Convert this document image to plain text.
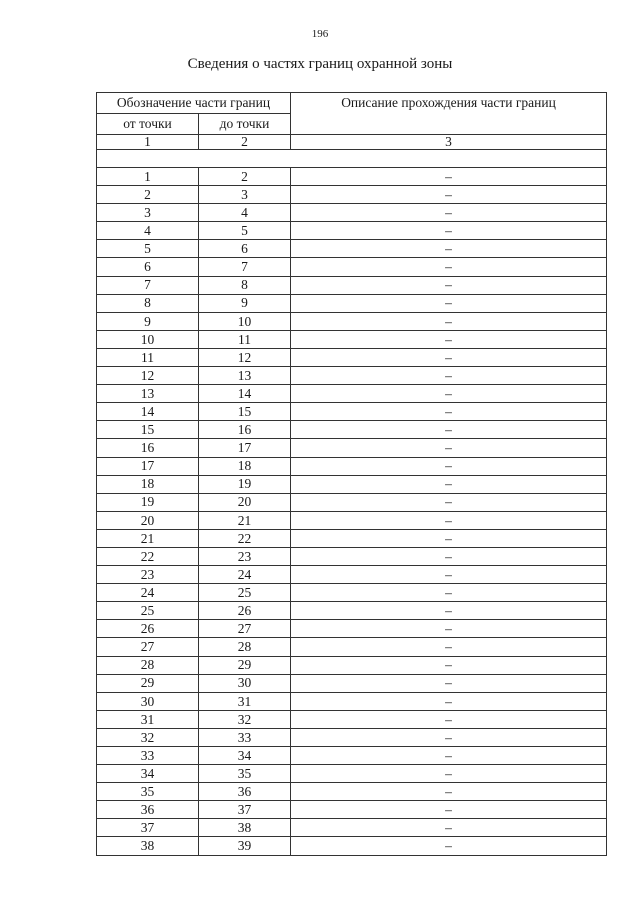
196
Сведения о частях границ охранной зоны
Обозначение части границ		Описание прохождения части границ
от точки	до точки	
1	2	3

1	2	–
2	3	–
3	4	–
4	5	–
5	6	–
6	7	–
7	8	–
8	9	–
9	10	–
10	11	–
11	12	–
12	13	–
13	14	–
14	15	–
15	16	–
16	17	–
17	18	–
18	19	–
19	20	–
20	21	–
21	22	–
22	23	–
23	24	–
24	25	–
25	26	–
26	27	–
27	28	–
28	29	–
29	30	–
30	31	–
31	32	–
32	33	–
33	34	–
34	35	–
35	36	–
36	37	–
37	38	–
38	39	–
